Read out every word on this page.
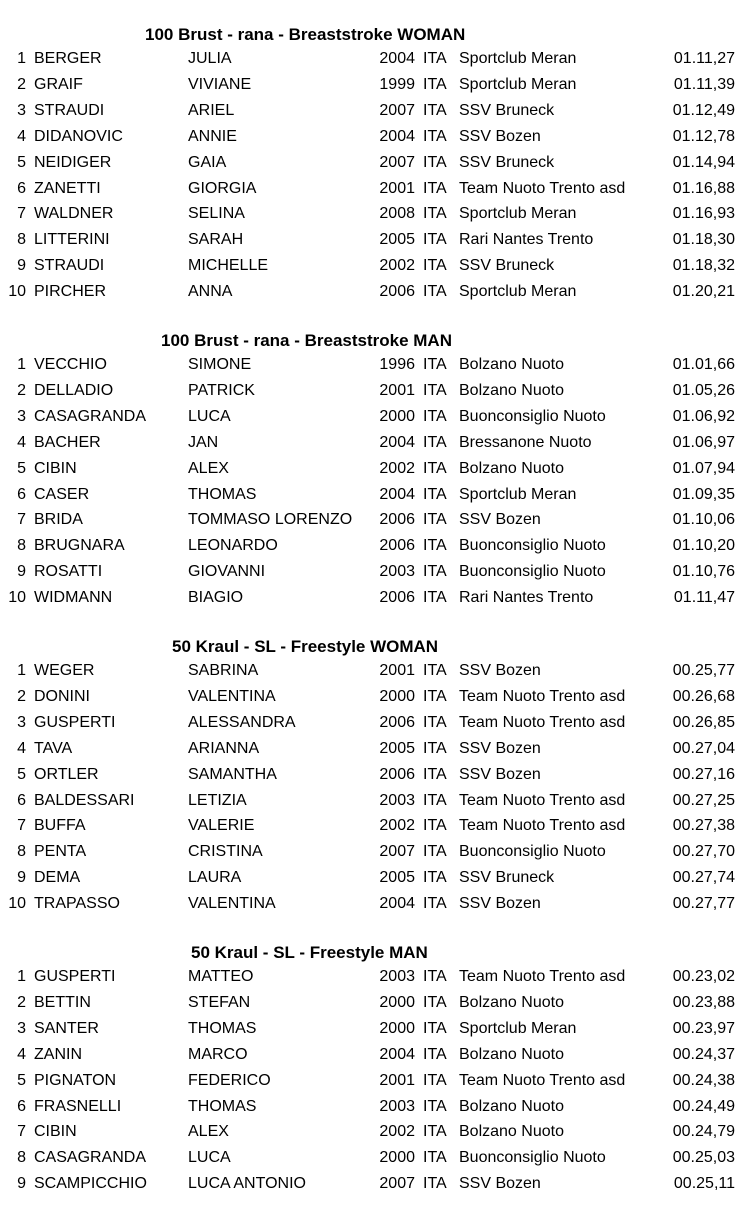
100 Brust - rana - Breaststroke WOMAN
1 BERGER	JULIA	2004 ITA Sportclub Meran	01.11,27
2 GRAIF	VIVIANE	1999 ITA Sportclub Meran	01.11,39
3 STRAUDI	ARIEL	2007 ITA SSV Bruneck	01.12,49
4 DIDANOVIC	ANNIE	2004 ITA SSV Bozen	01.12,78
5 NEIDIGER	GAIA	2007 ITA SSV Bruneck	01.14,94
6 ZANETTI	GIORGIA	2001 ITA Team Nuoto Trento asd	01.16,88
7 WALDNER	SELINA	2008 ITA Sportclub Meran	01.16,93
8 LITTERINI	SARAH	2005 ITA Rari Nantes Trento	01.18,30
9 STRAUDI	MICHELLE	2002 ITA SSV Bruneck	01.18,32
10 PIRCHER	ANNA	2006 ITA Sportclub Meran	01.20,21
100 Brust - rana - Breaststroke MAN
1 VECCHIO	SIMONE	1996 ITA Bolzano Nuoto	01.01,66
2 DELLADIO	PATRICK	2001 ITA Bolzano Nuoto	01.05,26
3 CASAGRANDA	LUCA	2000 ITA Buonconsiglio Nuoto	01.06,92
4 BACHER	JAN	2004 ITA Bressanone Nuoto	01.06,97
5 CIBIN	ALEX	2002 ITA Bolzano Nuoto	01.07,94
6 CASER	THOMAS	2004 ITA Sportclub Meran	01.09,35
7 BRIDA	TOMMASO LORENZO	2006 ITA SSV Bozen	01.10,06
8 BRUGNARA	LEONARDO	2006 ITA Buonconsiglio Nuoto	01.10,20
9 ROSATTI	GIOVANNI	2003 ITA Buonconsiglio Nuoto	01.10,76
10 WIDMANN	BIAGIO	2006 ITA Rari Nantes Trento	01.11,47
50 Kraul - SL - Freestyle WOMAN
1 WEGER	SABRINA	2001 ITA SSV Bozen	00.25,77
2 DONINI	VALENTINA	2000 ITA Team Nuoto Trento asd	00.26,68
3 GUSPERTI	ALESSANDRA	2006 ITA Team Nuoto Trento asd	00.26,85
4 TAVA	ARIANNA	2005 ITA SSV Bozen	00.27,04
5 ORTLER	SAMANTHA	2006 ITA SSV Bozen	00.27,16
6 BALDESSARI	LETIZIA	2003 ITA Team Nuoto Trento asd	00.27,25
7 BUFFA	VALERIE	2002 ITA Team Nuoto Trento asd	00.27,38
8 PENTA	CRISTINA	2007 ITA Buonconsiglio Nuoto	00.27,70
9 DEMA	LAURA	2005 ITA SSV Bruneck	00.27,74
10 TRAPASSO	VALENTINA	2004 ITA SSV Bozen	00.27,77
50 Kraul - SL - Freestyle MAN
1 GUSPERTI	MATTEO	2003 ITA Team Nuoto Trento asd	00.23,02
2 BETTIN	STEFAN	2000 ITA Bolzano Nuoto	00.23,88
3 SANTER	THOMAS	2000 ITA Sportclub Meran	00.23,97
4 ZANIN	MARCO	2004 ITA Bolzano Nuoto	00.24,37
5 PIGNATON	FEDERICO	2001 ITA Team Nuoto Trento asd	00.24,38
6 FRASNELLI	THOMAS	2003 ITA Bolzano Nuoto	00.24,49
7 CIBIN	ALEX	2002 ITA Bolzano Nuoto	00.24,79
8 CASAGRANDA	LUCA	2000 ITA Buonconsiglio Nuoto	00.25,03
9 SCAMPICCHIO	LUCA ANTONIO	2007 ITA SSV Bozen	00.25,11
